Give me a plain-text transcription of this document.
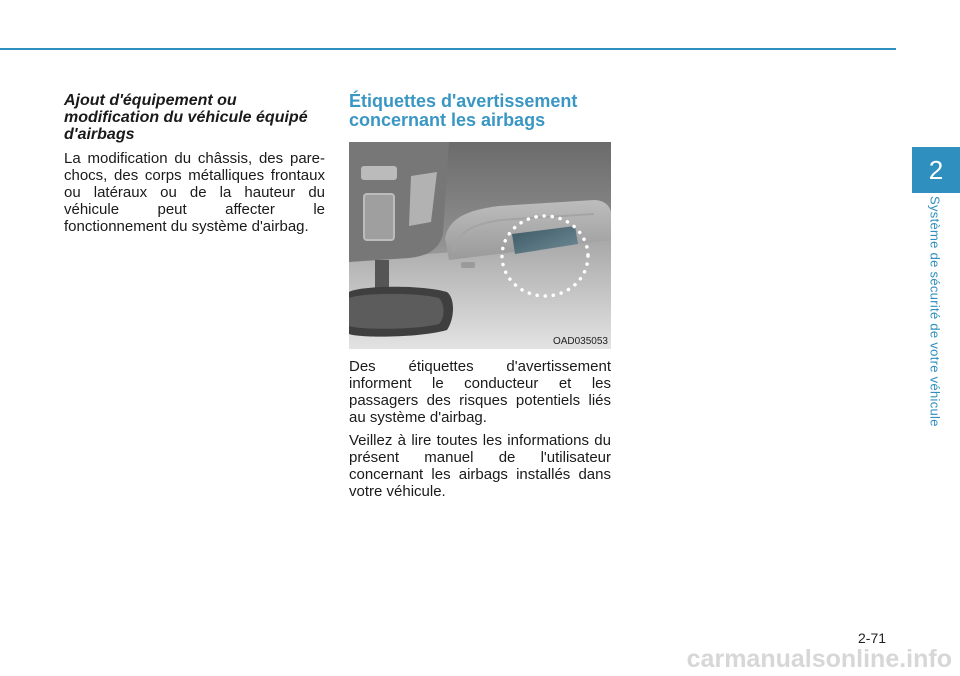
Ajout d'équipement ou modification du véhicule équipé d'airbags

La modification du châssis, des pare-chocs, des corps métalliques frontaux ou latéraux ou de la hauteur du véhicule peut affecter le fonctionnement du système d'airbag.

Étiquettes d'avertissement concernant les airbags
OAD035053

Des étiquettes d'avertissement informent le conducteur et les passagers des risques potentiels liés au système d'airbag.

Veillez à lire toutes les informations du présent manuel de l'utilisateur concernant les airbags installés dans votre véhicule.

2
Système de sécurité de votre véhicule
2-71
carmanualsonline.info
